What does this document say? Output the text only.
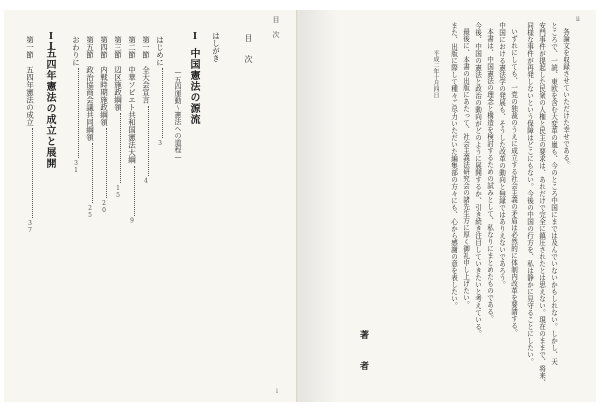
目 次
i
目 次
はしがき
I
中国憲法の源流
—五四運動～憲法への道程—
はじめに3
第一節　全大会宣言4
第二節　中華ソビエト共和国憲法大綱9
第三節　辺区施政綱領15
第四節　内戦時期施政綱領20
第五節　政治協商会議共同綱領25
おわりに31
II
五四年憲法の成立と展開
第一節　五四年憲法の成立37
ii
各論文を収録させていただけた幸せである。
ところで、一読、東欧を含む大変革の嵐も、今のところ中国にまでは及んでいないかもしれない。しかし、天
安門事件が提起した民衆の人権と民主の要求は、あれだけで完全に鎮圧されたとは思えない。現在のままで、将来、
同様な事件が再発しないという保障はどこにもない。今後の中国の行方を、私は静かに見守ることにしたい。
いずれにしても、一党の独裁のうえに成立する社会主義の矛盾は必然的に体制内改革を要請する。
中国における憲法学の発展も、そうした改革の動向と無縁ではありえないであろう。
本書は、中国憲法の理念と構造を検討するための試みとして、私なりにまとめたものである。
今後、中国の憲法と政治の動向がどのように展開するか、引き続き注目していきたいと考えている。
最後に、本書の出版にあたって、社会主義法研究会の諸先生方に厚く御礼申し上げたい。
また、出版に際して種々ご尽力いただいた編集部の方々にも、心から感謝の意を表したい。
平成二年十月四日
著 者
